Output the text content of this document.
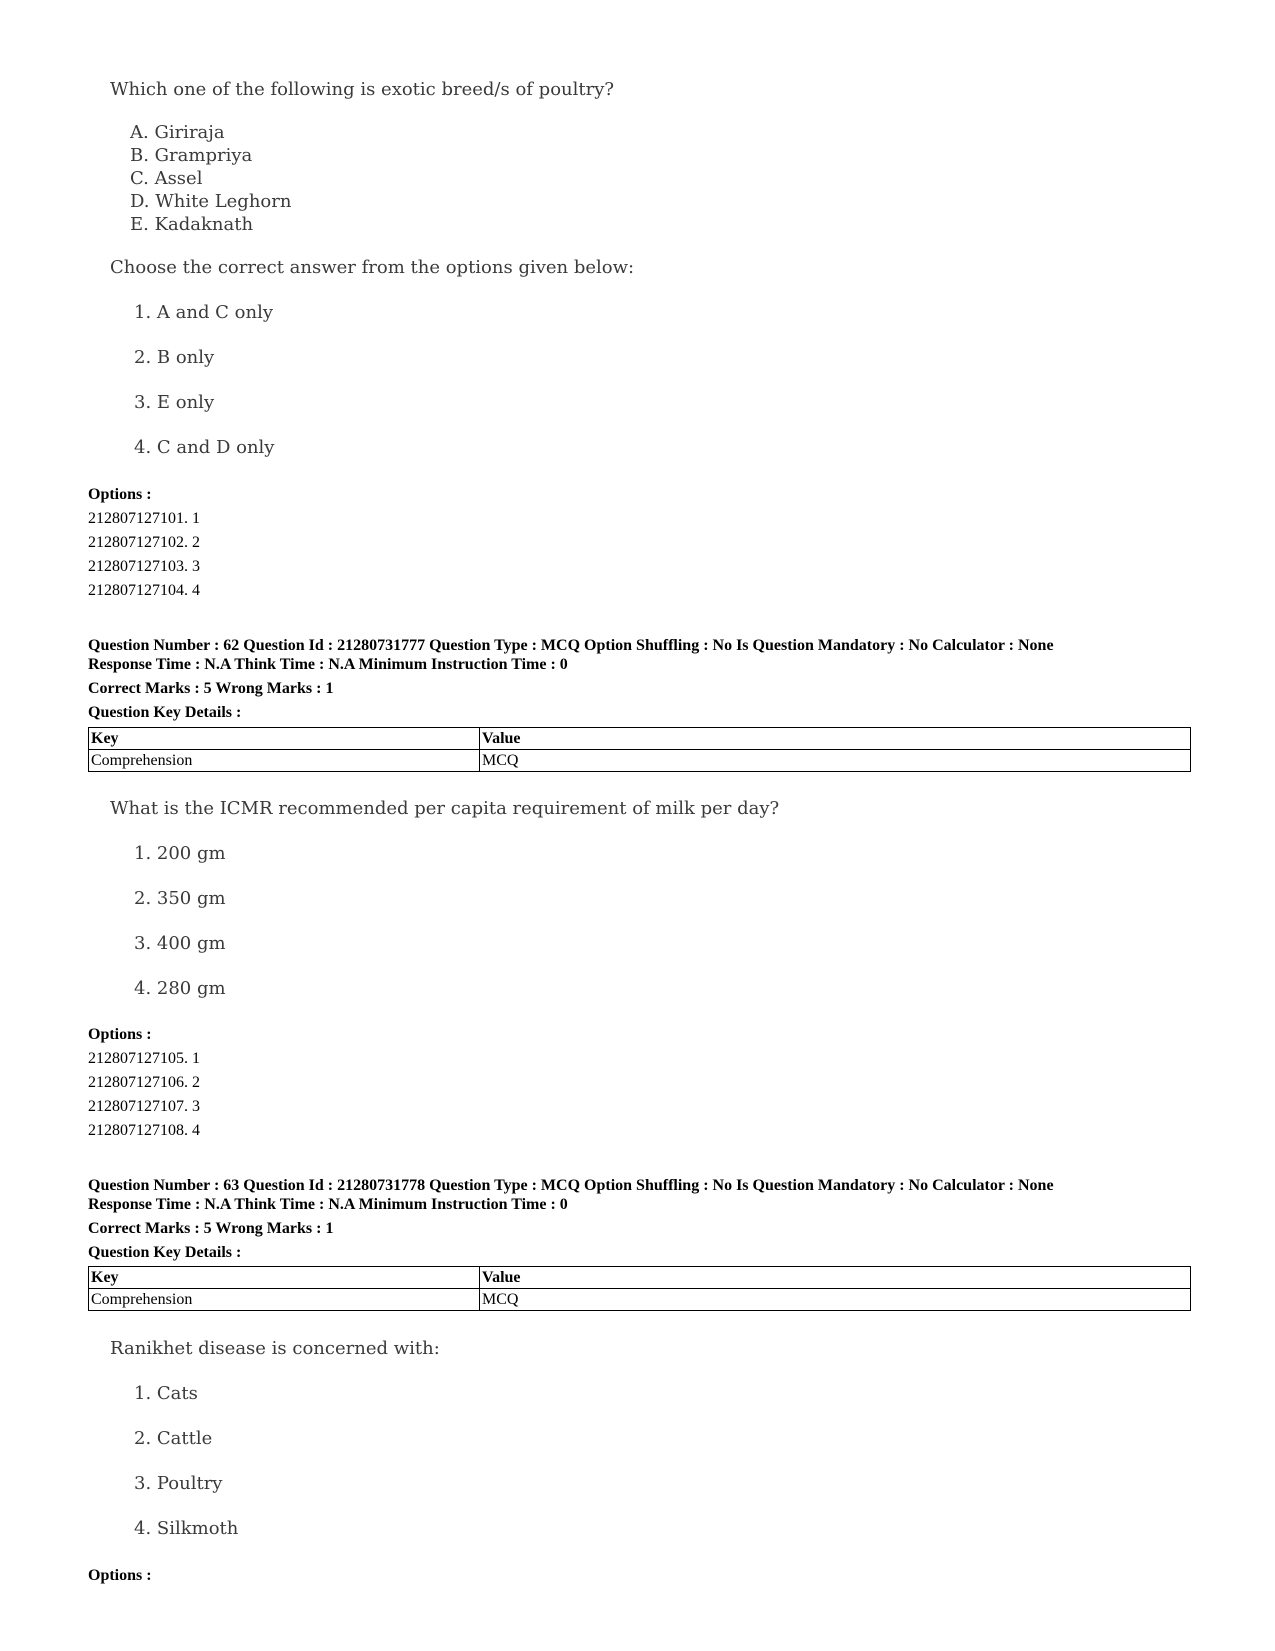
Which one of the following is exotic breed/s of poultry?
A. Giriraja
B. Grampriya
C. Assel
D. White Leghorn
E. Kadaknath
Choose the correct answer from the options given below:
1. A and C only
2. B only
3. E only
4. C and D only
Options :
212807127101. 1
212807127102. 2
212807127103. 3
212807127104. 4
Question Number : 62 Question Id : 21280731777 Question Type : MCQ Option Shuffling : No Is Question Mandatory : No Calculator : None
Response Time : N.A Think Time : N.A Minimum Instruction Time : 0
Correct Marks : 5 Wrong Marks : 1
Question Key Details :
Key	Value
Comprehension	MCQ
What is the ICMR recommended per capita requirement of milk per day?
1. 200 gm
2. 350 gm
3. 400 gm
4. 280 gm
Options :
212807127105. 1
212807127106. 2
212807127107. 3
212807127108. 4
Question Number : 63 Question Id : 21280731778 Question Type : MCQ Option Shuffling : No Is Question Mandatory : No Calculator : None
Response Time : N.A Think Time : N.A Minimum Instruction Time : 0
Correct Marks : 5 Wrong Marks : 1
Question Key Details :
Key	Value
Comprehension	MCQ
Ranikhet disease is concerned with:
1. Cats
2. Cattle
3. Poultry
4. Silkmoth
Options :
